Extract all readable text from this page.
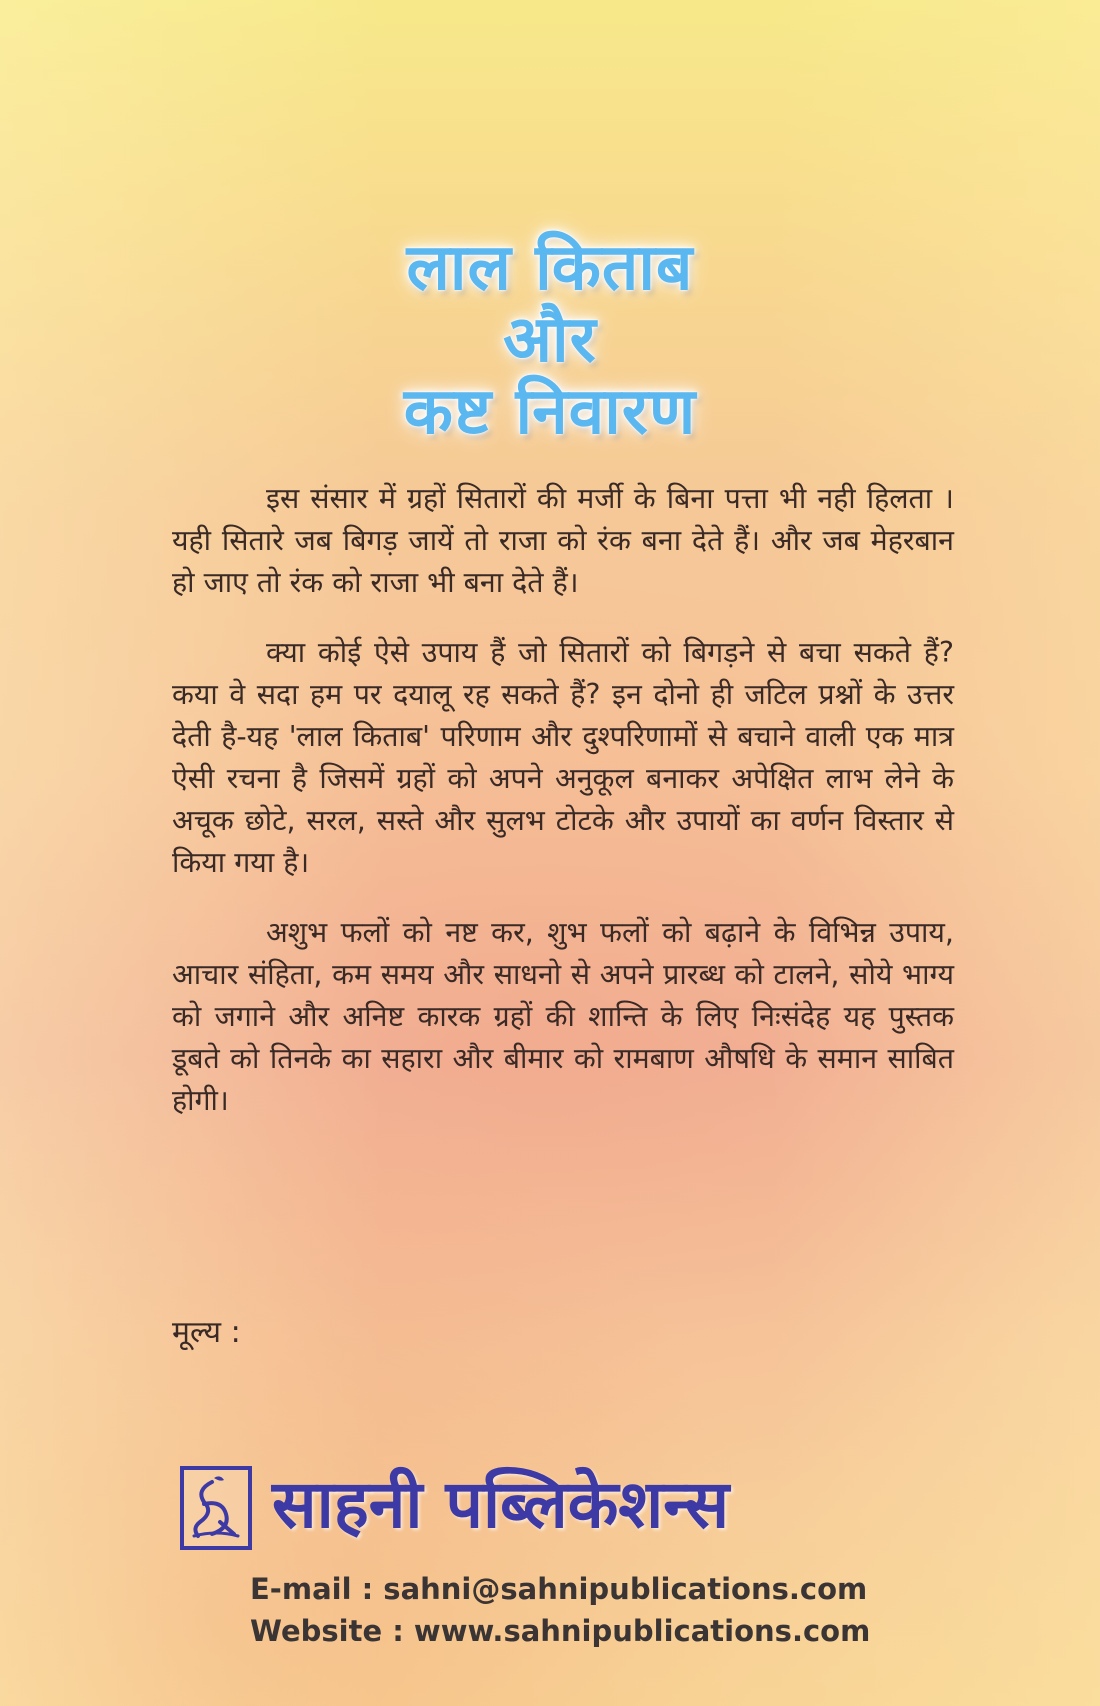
लाल किताब
और
कष्ट निवारण

इस संसार में ग्रहों सितारों की मर्जी के बिना पत्ता भी नही हिलता । यही सितारे जब बिगड़ जायें तो राजा को रंक बना देते हैं। और जब मेहरबान हो जाए तो रंक को राजा भी बना देते हैं।

क्या कोई ऐसे उपाय हैं जो सितारों को बिगड़ने से बचा सकते हैं? कया वे सदा हम पर दयालू रह सकते हैं? इन दोनो ही जटिल प्रश्नों के उत्तर देती है-यह 'लाल किताब' परिणाम और दुश्परिणामों से बचाने वाली एक मात्र ऐसी रचना है जिसमें ग्रहों को अपने अनुकूल बनाकर अपेक्षित लाभ लेने के अचूक छोटे, सरल, सस्ते और सुलभ टोटके और उपायों का वर्णन विस्तार से किया गया है।

अशुभ फलों को नष्ट कर, शुभ फलों को बढ़ाने के विभिन्न उपाय, आचार संहिता, कम समय और साधनो से अपने प्रारब्ध को टालने, सोये भाग्य को जगाने और अनिष्ट कारक ग्रहों की शान्ति के लिए निःसंदेह यह पुस्तक डूबते को तिनके का सहारा और बीमार को रामबाण औषधि के समान साबित होगी।

मूल्य :
साहनी पब्लिकेशन्स
E-mail : sahni@sahnipublications.com
Website : www.sahnipublications.com
